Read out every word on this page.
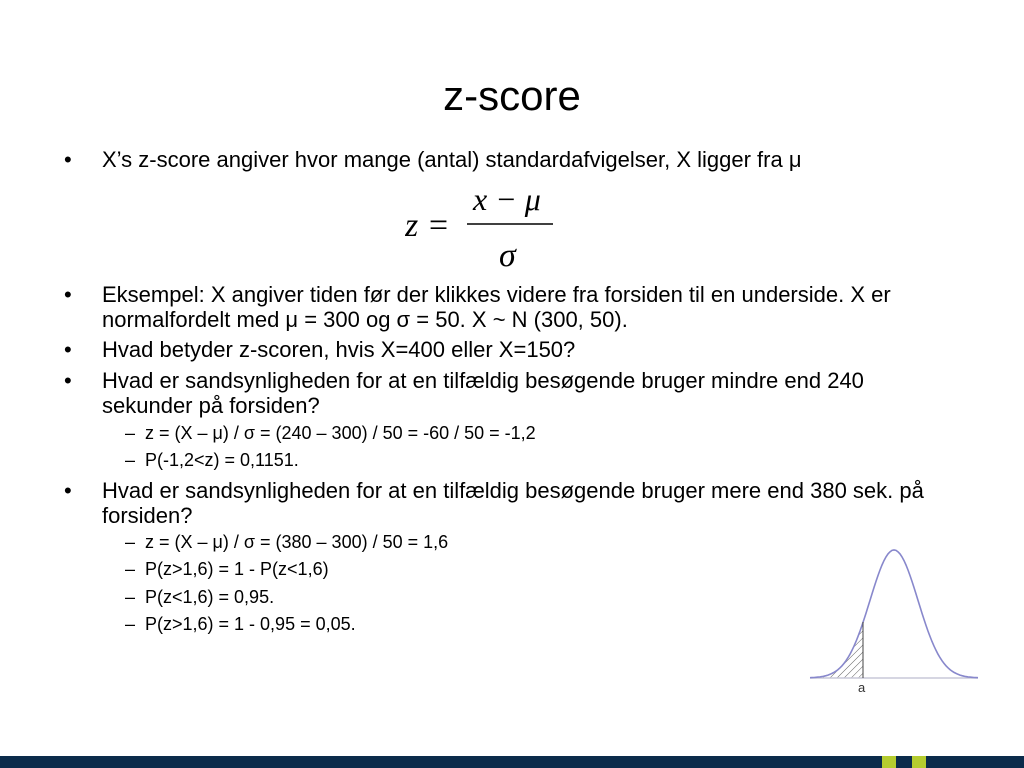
z-score
• X’s z-score angiver hvor mange (antal) standardafvigelser, X ligger fra μ
z =
x − μ
σ
• Eksempel: X angiver tiden før der klikkes videre fra forsiden til en underside. X er normalfordelt med μ = 300 og σ = 50. X ~ N (300, 50).
• Hvad betyder z-scoren, hvis X=400 eller X=150?
• Hvad er sandsynligheden for at en tilfældig besøgende bruger mindre end 240 sekunder på forsiden?
– z = (X – μ) / σ = (240 – 300) / 50 = -60 / 50 = -1,2
– P(-1,2<z) = 0,1151.
• Hvad er sandsynligheden for at en tilfældig besøgende bruger mere end 380 sek. på forsiden?
– z = (X – μ) / σ = (380 – 300) / 50 = 1,6
– P(z>1,6) = 1 - P(z<1,6)
– P(z<1,6) = 0,95.
– P(z>1,6) = 1 - 0,95 = 0,05.
a
